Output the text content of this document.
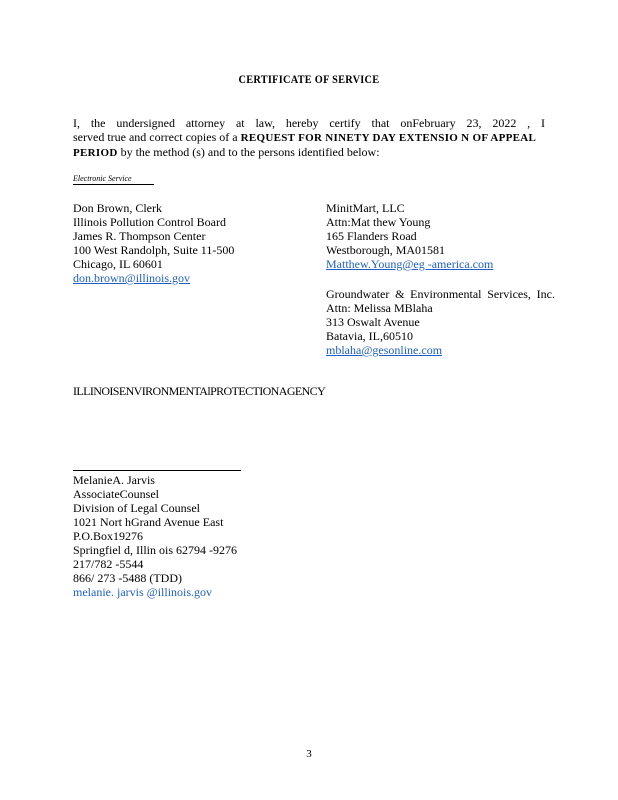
CERTIFICATE OF SERVICE
I, the undersigned attorney at law, hereby certify that onFebruary 23, 2022 , I
served true and correct copies of a REQUEST FOR NINETY DAY EXTENSIO N OF APPEAL
PERIOD by the method (s) and to the persons identified below:
Electronic Service
Don Brown, Clerk
Illinois Pollution Control Board
James R. Thompson Center
100 West Randolph, Suite 11-500
Chicago, IL 60601
don.brown@illinois.gov
MinitMart, LLC
Attn:Mat thew Young
165 Flanders Road
Westborough, MA01581
Matthew.Young@eg -america.com
Groundwater & Environmental Services, Inc.
Attn: Melissa MBlaha
313 Oswalt Avenue
Batavia, IL,60510
mblaha@gesonline.com
ILLINOISENVIRONMENTAlPROTECTIONAGENCY
MelanieA. Jarvis
AssociateCounsel
Division of Legal Counsel
1021 Nort hGrand Avenue East
P.O.Box19276
Springfiel d, Illin ois 62794 -9276
217/782 -5544
866/ 273 -5488 (TDD)
melanie. jarvis @illinois.gov
3
